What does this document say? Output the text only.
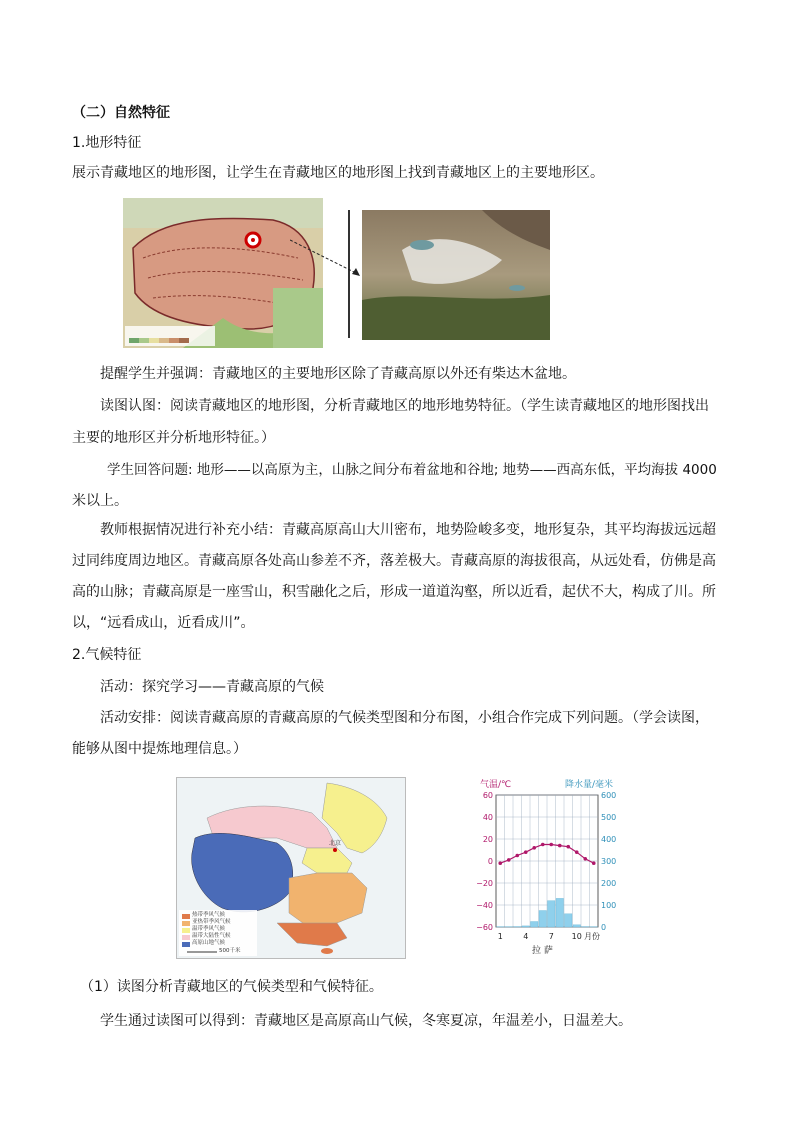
（二）自然特征
1.地形特征
展示青藏地区的地形图，让学生在青藏地区的地形图上找到青藏地区上的主要地形区。
提醒学生并强调：青藏地区的主要地形区除了青藏高原以外还有柴达木盆地。
读图认图：阅读青藏地区的地形图，分析青藏地区的地形地势特征。（学生读青藏地区的地形图找出
主要的地形区并分析地形特征。）
学生回答问题: 地形——以高原为主，山脉之间分布着盆地和谷地; 地势——西高东低，平均海拔 4000
米以上。
教师根据情况进行补充小结：青藏高原高山大川密布，地势险峻多变，地形复杂，其平均海拔远远超
过同纬度周边地区。青藏高原各处高山参差不齐，落差极大。青藏高原的海拔很高，从远处看，仿佛是高
高的山脉；青藏高原是一座雪山，积雪融化之后，形成一道道沟壑，所以近看，起伏不大，构成了川。所
以，“远看成山，近看成川”。
2.气候特征
活动：探究学习——青藏高原的气候
活动安排：阅读青藏高原的青藏高原的气候类型图和分布图，小组合作完成下列问题。（学会读图，
能够从图中提炼地理信息。）
热带季风气候
亚热带季风气候
温带季风气候
温带大陆性气候
高原山地气候
500千米
北京
气温/℃	降水量/毫米
60
40
20
0
−20
−40
−60
600
500
400
300
200
100
0
1	4	7 10 月份
拉 萨
（1）读图分析青藏地区的气候类型和气候特征。
学生通过读图可以得到：青藏地区是高原高山气候，冬寒夏凉，年温差小，日温差大。
